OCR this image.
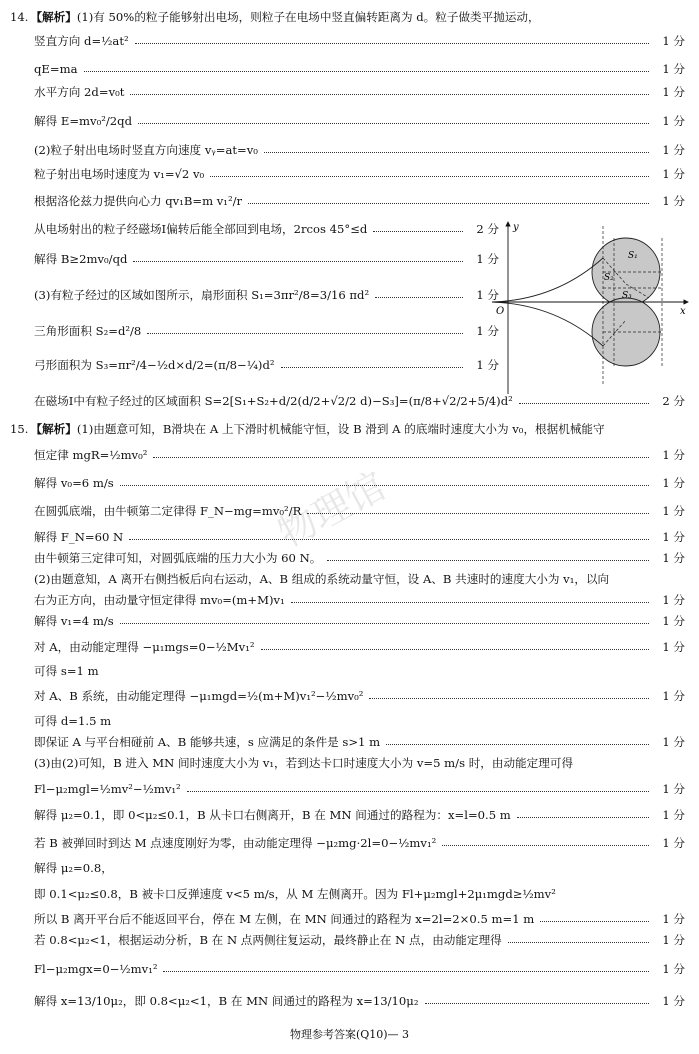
14. 【解析】(1)有 50%的粒子能够射出电场，则粒子在电场中竖直偏转距离为 d。粒子做类平抛运动，
竖直方向 d=½at²	1 分
qE=ma	1 分
水平方向 2d=v₀t	1 分
解得 E=mv₀²/2qd	1 分
(2)粒子射出电场时竖直方向速度 vᵧ=at=v₀	1 分
粒子射出电场时速度为 v₁=√2 v₀	1 分
根据洛伦兹力提供向心力 qv₁B=m v₁²/r	1 分
从电场射出的粒子经磁场Ⅰ偏转后能全部回到电场，2rcos 45°≤d	2 分
解得 B≥2mv₀/qd	1 分
(3)有粒子经过的区域如图所示，扇形面积 S₁=3πr²/8=3/16 πd²	1 分
三角形面积 S₂=d²/8	1 分
弓形面积为 S₃=πr²/4−½d×d/2=(π/8−¼)d²	1 分
在磁场Ⅰ中有粒子经过的区域面积 S=2[S₁+S₂+d/2(d/2+√2/2 d)−S₃]=(π/8+√2/2+5/4)d²	2 分
15. 【解析】(1)由题意可知，B滑块在 A 上下滑时机械能守恒，设 B 滑到 A 的底端时速度大小为 v₀，根据机械能守
恒定律 mgR=½mv₀²	1 分
解得 v₀=6 m/s	1 分
在圆弧底端，由牛顿第二定律得 F_N−mg=mv₀²/R	1 分
解得 F_N=60 N	1 分
由牛顿第三定律可知，对圆弧底端的压力大小为 60 N。	1 分
(2)由题意知，A 离开右侧挡板后向右运动，A、B 组成的系统动量守恒，设 A、B 共速时的速度大小为 v₁，以向
右为正方向，由动量守恒定律得 mv₀=(m+M)v₁	1 分
解得 v₁=4 m/s	1 分
对 A，由动能定理得 −μ₁mgs=0−½Mv₁²	1 分
可得 s=1 m
对 A、B 系统，由动能定理得 −μ₁mgd=½(m+M)v₁²−½mv₀²	1 分
可得 d=1.5 m
即保证 A 与平台相碰前 A、B 能够共速，s 应满足的条件是 s>1 m	1 分
(3)由(2)可知，B 进入 MN 间时速度大小为 v₁，若到达卡口时速度大小为 v=5 m/s 时，由动能定理可得
Fl−μ₂mgl=½mv²−½mv₁²	1 分
解得 μ₂=0.1，即 0<μ₂≤0.1，B 从卡口右侧离开，B 在 MN 间通过的路程为：x=l=0.5 m	1 分
若 B 被弹回时到达 M 点速度刚好为零，由动能定理得 −μ₂mg·2l=0−½mv₁²	1 分
解得 μ₂=0.8，
即 0.1<μ₂≤0.8，B 被卡口反弹速度 v<5 m/s，从 M 左侧离开。因为 Fl+μ₂mgl+2μ₁mgd≥½mv²
所以 B 离开平台后不能返回平台，停在 M 左侧，在 MN 间通过的路程为 x=2l=2×0.5 m=1 m	1 分
若 0.8<μ₂<1，根据运动分析，B 在 N 点两侧往复运动，最终静止在 N 点，由动能定理得	1 分
Fl−μ₂mgx=0−½mv₁²	1 分
解得 x=13/10μ₂，即 0.8<μ₂<1，B 在 MN 间通过的路程为 x=13/10μ₂	1 分
y
x
O
S₁
S₂
S₃
物理馆
物理参考答案(Q10)— 3
